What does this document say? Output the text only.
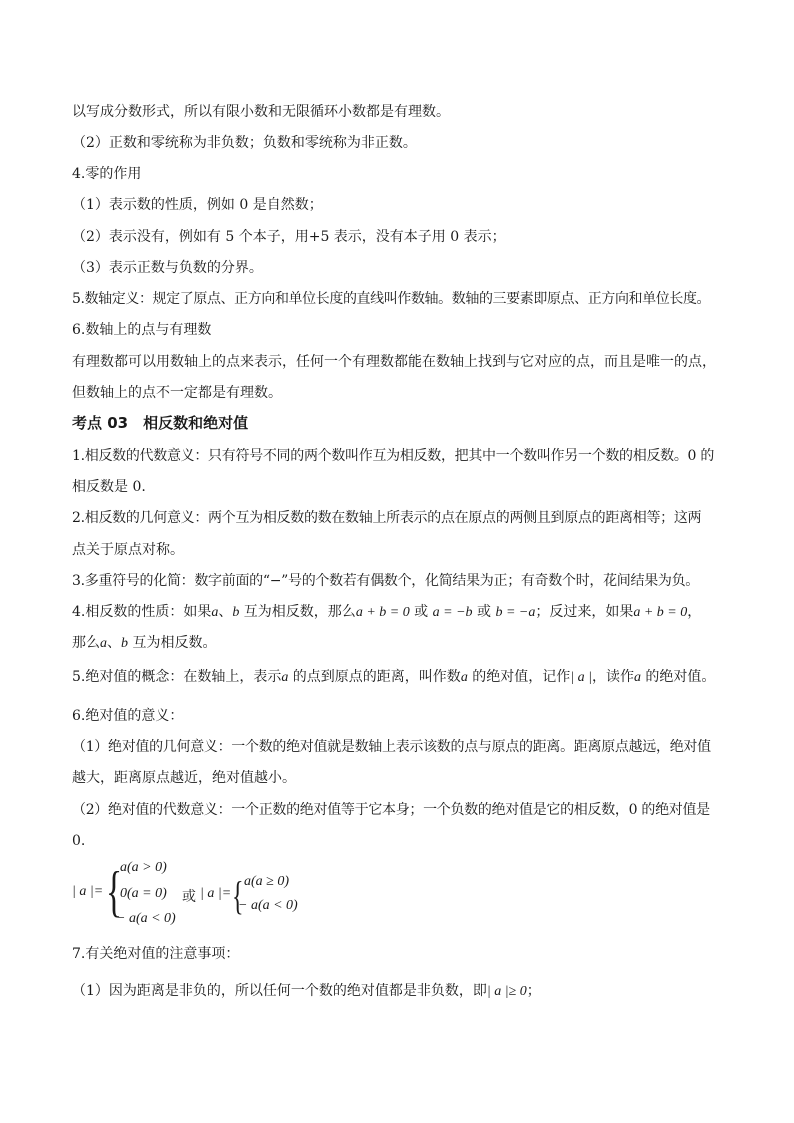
以写成分数形式，所以有限小数和无限循环小数都是有理数。
（2）正数和零统称为非负数；负数和零统称为非正数。
4.零的作用
（1）表示数的性质，例如 0 是自然数；
（2）表示没有，例如有 5 个本子，用+5 表示，没有本子用 0 表示；
（3）表示正数与负数的分界。
5.数轴定义：规定了原点、正方向和单位长度的直线叫作数轴。数轴的三要素即原点、正方向和单位长度。
6.数轴上的点与有理数
有理数都可以用数轴上的点来表示，任何一个有理数都能在数轴上找到与它对应的点，而且是唯一的点，
但数轴上的点不一定都是有理数。
考点 03　相反数和绝对值
1.相反数的代数意义：只有符号不同的两个数叫作互为相反数，把其中一个数叫作另一个数的相反数。0 的
相反数是 0.
2.相反数的几何意义：两个互为相反数的数在数轴上所表示的点在原点的两侧且到原点的距离相等；这两
点关于原点对称。
3.多重符号的化简：数字前面的“−”号的个数若有偶数个，化简结果为正；有奇数个时，花间结果为负。
4.相反数的性质：如果a、b 互为相反数，那么a + b = 0 或 a = −b 或 b = −a；反过来，如果a + b = 0，
那么a、b 互为相反数。
5.绝对值的概念：在数轴上，表示a 的点到原点的距离，叫作数a 的绝对值，记作| a |，读作a 的绝对值。
6.绝对值的意义：
（1）绝对值的几何意义：一个数的绝对值就是数轴上表示该数的点与原点的距离。距离原点越远，绝对值
越大，距离原点越近，绝对值越小。
（2）绝对值的代数意义：一个正数的绝对值等于它本身；一个负数的绝对值是它的相反数，0 的绝对值是
0.
| a |= {
a(a > 0)
0(a = 0)
− a(a < 0)
或 | a |= { a(a ≥ 0)
− a(a < 0)
7.有关绝对值的注意事项：
（1）因为距离是非负的，所以任何一个数的绝对值都是非负数，即| a |≥ 0；
